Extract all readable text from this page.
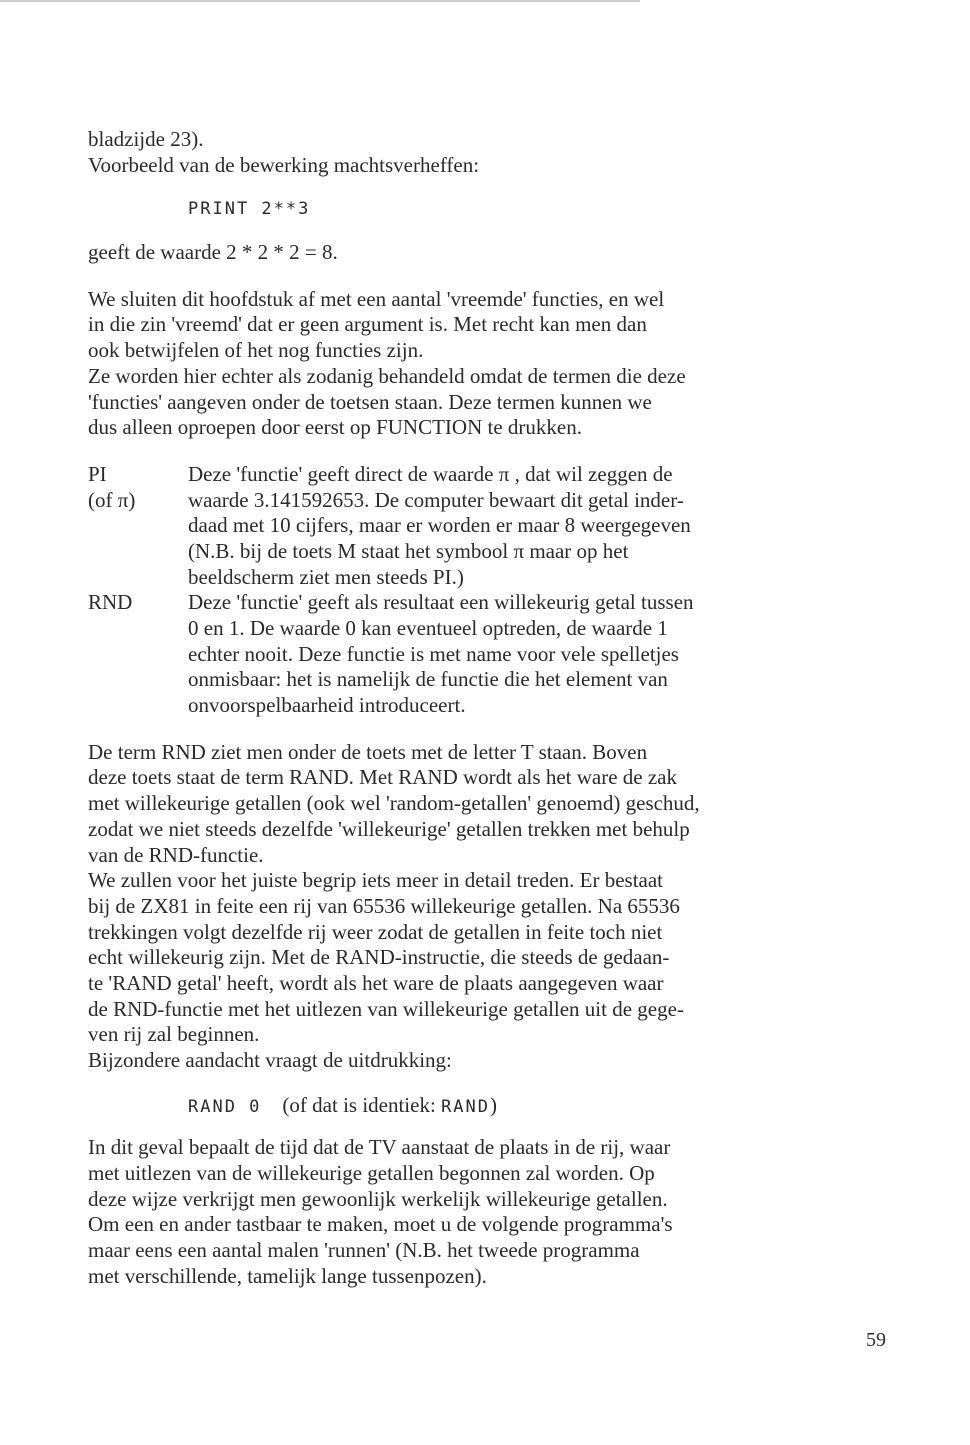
bladzijde 23).
Voorbeeld van de bewerking machtsverheffen:
PRINT 2**3
geeft de waarde 2 * 2 * 2 = 8.
We sluiten dit hoofdstuk af met een aantal 'vreemde' functies, en wel
in die zin 'vreemd' dat er geen argument is. Met recht kan men dan
ook betwijfelen of het nog functies zijn.
Ze worden hier echter als zodanig behandeld omdat de termen die deze
'functies' aangeven onder de toetsen staan. Deze termen kunnen we
dus alleen oproepen door eerst op FUNCTION te drukken.
PI
(of π)
Deze 'functie' geeft direct de waarde π , dat wil zeggen de
waarde 3.141592653. De computer bewaart dit getal inder-
daad met 10 cijfers, maar er worden er maar 8 weergegeven
(N.B. bij de toets M staat het symbool π maar op het
beeldscherm ziet men steeds PI.)
RND	Deze 'functie' geeft als resultaat een willekeurig getal tussen
0 en 1. De waarde 0 kan eventueel optreden, de waarde 1
echter nooit. Deze functie is met name voor vele spelletjes
onmisbaar: het is namelijk de functie die het element van
onvoorspelbaarheid introduceert.
De term RND ziet men onder de toets met de letter T staan. Boven
deze toets staat de term RAND. Met RAND wordt als het ware de zak
met willekeurige getallen (ook wel 'random-getallen' genoemd) geschud,
zodat we niet steeds dezelfde 'willekeurige' getallen trekken met behulp
van de RND-functie.
We zullen voor het juiste begrip iets meer in detail treden. Er bestaat
bij de ZX81 in feite een rij van 65536 willekeurige getallen. Na 65536
trekkingen volgt dezelfde rij weer zodat de getallen in feite toch niet
echt willekeurig zijn. Met de RAND-instructie, die steeds de gedaan-
te 'RAND getal' heeft, wordt als het ware de plaats aangegeven waar
de RND-functie met het uitlezen van willekeurige getallen uit de gege-
ven rij zal beginnen.
Bijzondere aandacht vraagt de uitdrukking:
RAND 0 (of dat is identiek: RAND)
In dit geval bepaalt de tijd dat de TV aanstaat de plaats in de rij, waar
met uitlezen van de willekeurige getallen begonnen zal worden. Op
deze wijze verkrijgt men gewoonlijk werkelijk willekeurige getallen.
Om een en ander tastbaar te maken, moet u de volgende programma's
maar eens een aantal malen 'runnen' (N.B. het tweede programma
met verschillende, tamelijk lange tussenpozen).
59
